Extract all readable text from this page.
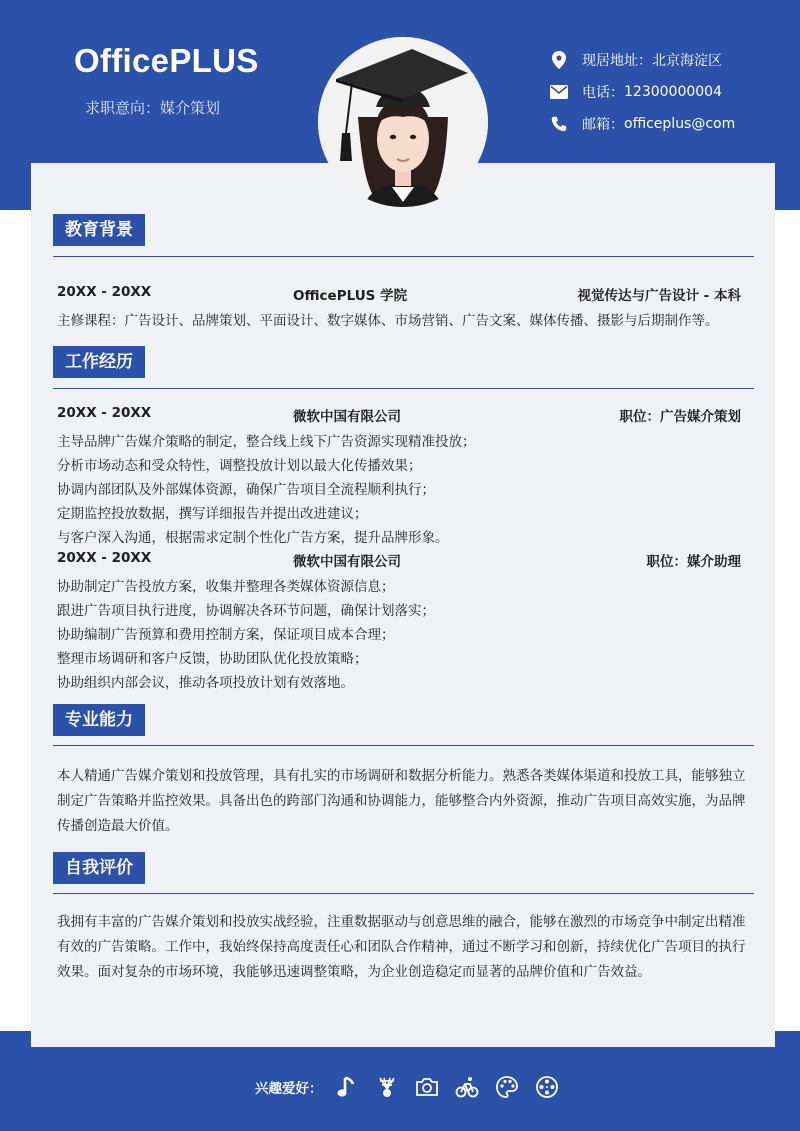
OfficePLUS
求职意向：媒介策划
现居地址： 北京海淀区
电话： 12300000004
邮箱： officeplus@com
教育背景
20XX - 20XX	OfficePLUS 学院	视觉传达与广告设计 - 本科
主修课程：广告设计、品牌策划、平面设计、数字媒体、市场营销、广告文案、媒体传播、摄影与后期制作等。
工作经历
20XX - 20XX	微软中国有限公司	职位：广告媒介策划
主导品牌广告媒介策略的制定，整合线上线下广告资源实现精准投放；
分析市场动态和受众特性，调整投放计划以最大化传播效果；
协调内部团队及外部媒体资源，确保广告项目全流程顺利执行；
定期监控投放数据，撰写详细报告并提出改进建议；
与客户深入沟通，根据需求定制个性化广告方案，提升品牌形象。
20XX - 20XX	微软中国有限公司	职位：媒介助理
协助制定广告投放方案，收集并整理各类媒体资源信息；
跟进广告项目执行进度，协调解决各环节问题，确保计划落实；
协助编制广告预算和费用控制方案，保证项目成本合理；
整理市场调研和客户反馈，协助团队优化投放策略；
协助组织内部会议，推动各项投放计划有效落地。
专业能力
本人精通广告媒介策划和投放管理，具有扎实的市场调研和数据分析能力。熟悉各类媒体渠道和投放工具，能够独立制定广告策略并监控效果。具备出色的跨部门沟通和协调能力，能够整合内外资源，推动广告项目高效实施，为品牌传播创造最大价值。
自我评价
我拥有丰富的广告媒介策划和投放实战经验，注重数据驱动与创意思维的融合，能够在激烈的市场竞争中制定出精准有效的广告策略。工作中，我始终保持高度责任心和团队合作精神，通过不断学习和创新，持续优化广告项目的执行效果。面对复杂的市场环境，我能够迅速调整策略，为企业创造稳定而显著的品牌价值和广告效益。
兴趣爱好：
